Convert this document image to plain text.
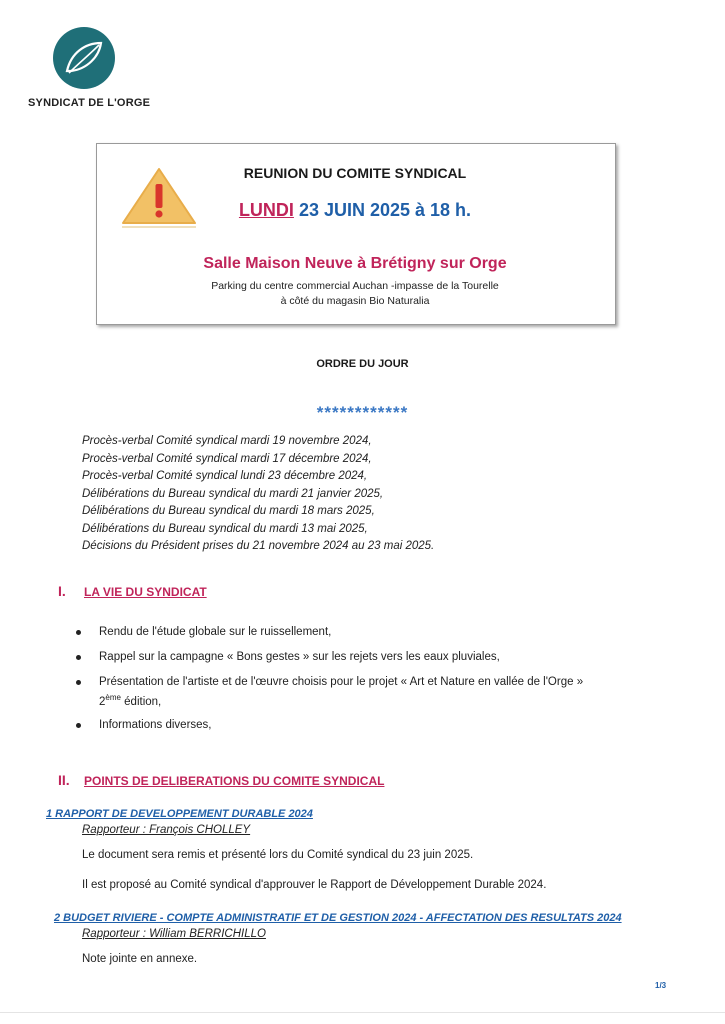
SYNDICAT DE L'ORGE
REUNION DU COMITE SYNDICAL
LUNDI 23 JUIN 2025 à 18 h.
Salle Maison Neuve à Brétigny sur Orge
Parking du centre commercial Auchan -impasse de la Tourelle
à côté du magasin Bio Naturalia
ORDRE DU JOUR
************
Procès-verbal Comité syndical mardi 19 novembre 2024,
Procès-verbal Comité syndical mardi 17 décembre 2024,
Procès-verbal Comité syndical lundi 23 décembre 2024,
Délibérations du Bureau syndical du mardi 21 janvier 2025,
Délibérations du Bureau syndical du mardi 18 mars 2025,
Délibérations du Bureau syndical du mardi 13 mai 2025,
Décisions du Président prises du 21 novembre 2024 au 23 mai 2025.
I. LA VIE DU SYNDICAT
Rendu de l'étude globale sur le ruissellement,
Rappel sur la campagne « Bons gestes » sur les rejets vers les eaux pluviales,
Présentation de l'artiste et de l'œuvre choisis pour le projet « Art et Nature en vallée de l'Orge »
2ème édition,
Informations diverses,
II. POINTS DE DELIBERATIONS DU COMITE SYNDICAL
1 RAPPORT DE DEVELOPPEMENT DURABLE 2024
Rapporteur : François CHOLLEY
Le document sera remis et présenté lors du Comité syndical du 23 juin 2025.
Il est proposé au Comité syndical d'approuver le Rapport de Développement Durable 2024.
2 BUDGET RIVIERE - COMPTE ADMINISTRATIF ET DE GESTION 2024 - AFFECTATION DES RESULTATS 2024
Rapporteur : William BERRICHILLO
Note jointe en annexe.
1/3
